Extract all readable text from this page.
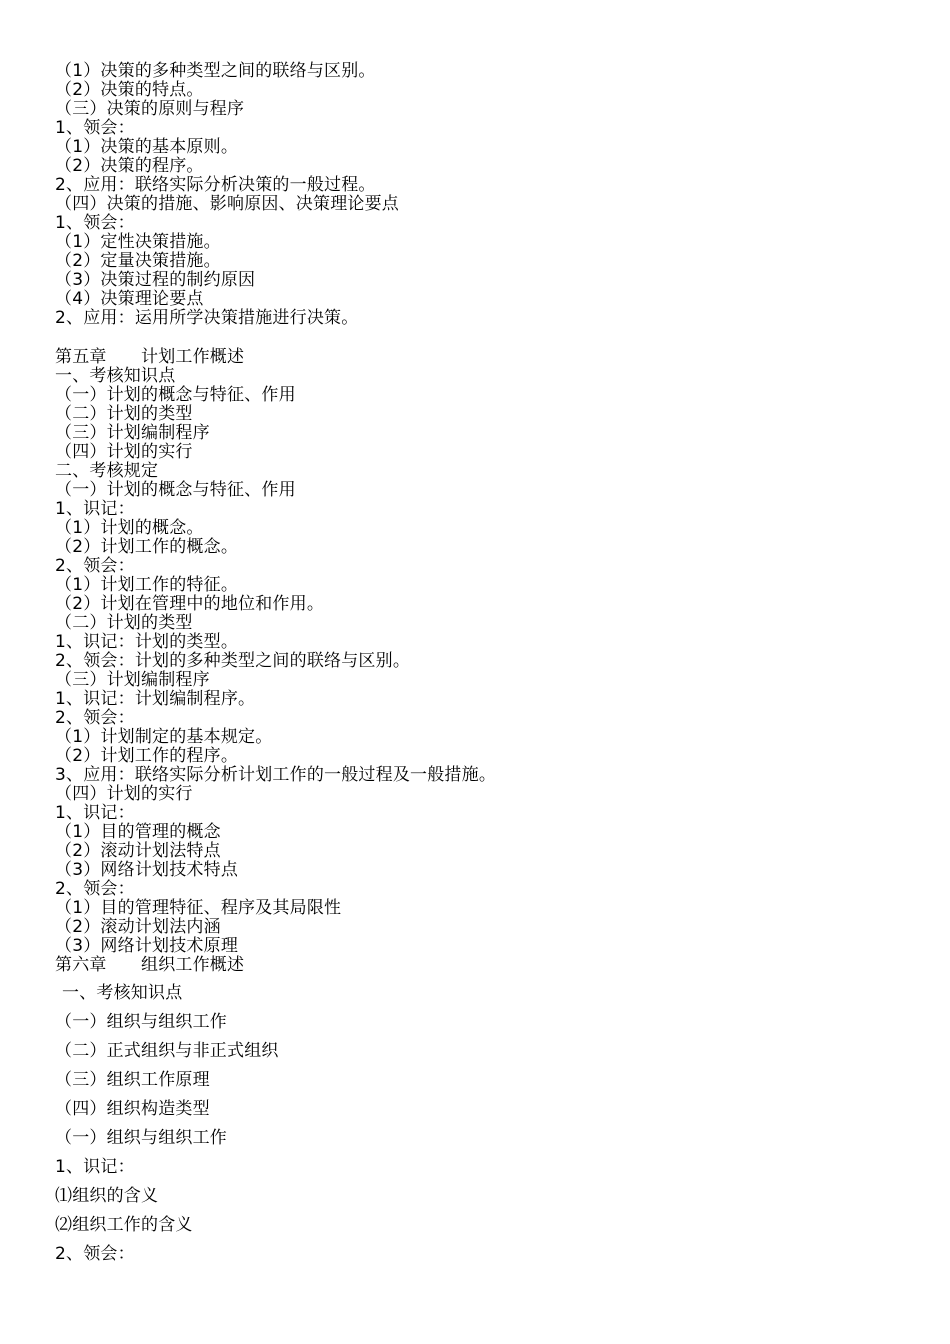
（1）决策的多种类型之间的联络与区别。
（2）决策的特点。
（三）决策的原则与程序
1、领会：
（1）决策的基本原则。
（2）决策的程序。
2、应用：联络实际分析决策的一般过程。
（四）决策的措施、影响原因、决策理论要点
1、领会：
（1）定性决策措施。
（2）定量决策措施。
（3）决策过程的制约原因
（4）决策理论要点
2、应用：运用所学决策措施进行决策。
第五章　　计划工作概述
一、考核知识点
（一）计划的概念与特征、作用
（二）计划的类型
（三）计划编制程序
（四）计划的实行
二、考核规定
（一）计划的概念与特征、作用
1、识记：
（1）计划的概念。
（2）计划工作的概念。
2、领会：
（1）计划工作的特征。
（2）计划在管理中的地位和作用。
（二）计划的类型
1、识记：计划的类型。
2、领会：计划的多种类型之间的联络与区别。
（三）计划编制程序
1、识记：计划编制程序。
2、领会：
（1）计划制定的基本规定。
（2）计划工作的程序。
3、应用：联络实际分析计划工作的一般过程及一般措施。
（四）计划的实行
1、识记：
（1）目的管理的概念
（2）滚动计划法特点
（3）网络计划技术特点
2、领会：
（1）目的管理特征、程序及其局限性
（2）滚动计划法内涵
（3）网络计划技术原理
第六章　　组织工作概述
一、考核知识点
（一）组织与组织工作
（二）正式组织与非正式组织
（三）组织工作原理
（四）组织构造类型
（一）组织与组织工作
1、识记：
⑴组织的含义
⑵组织工作的含义
2、领会：
